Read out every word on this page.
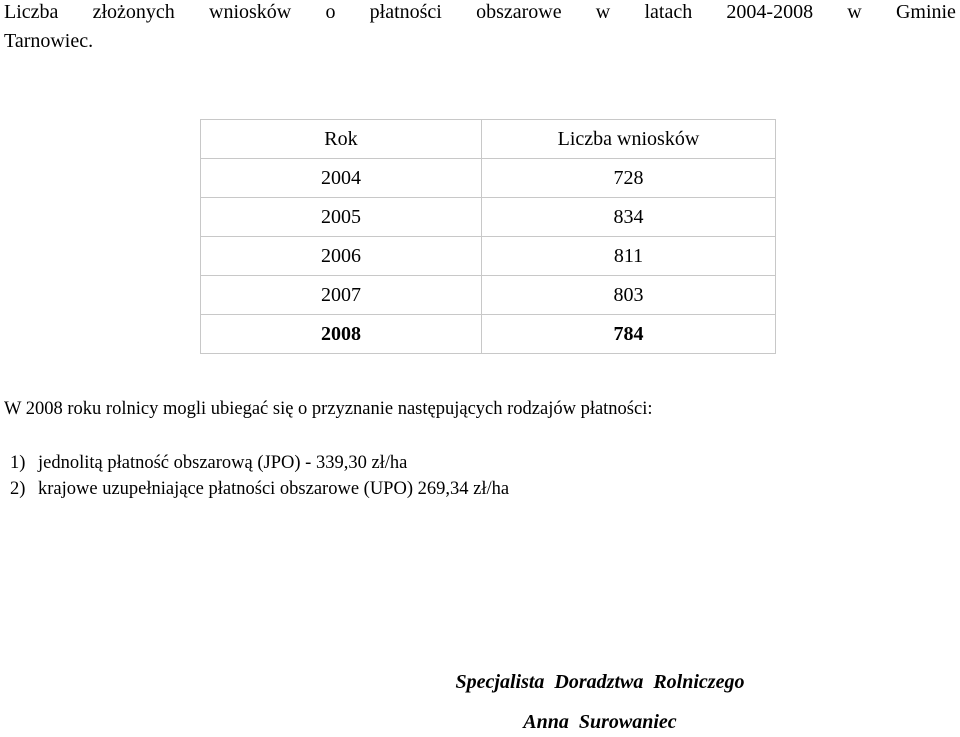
Liczba złożonych wniosków o płatności obszarowe w latach 2004-2008 w Gminie
Tarnowiec.
Rok	Liczba wniosków
2004	728
2005	834
2006	811
2007	803
2008	784
W 2008 roku rolnicy mogli ubiegać się o przyznanie następujących rodzajów płatności:
1) jednolitą płatność obszarową (JPO) - 339,30 zł/ha
2) krajowe uzupełniające płatności obszarowe (UPO) 269,34 zł/ha
Specjalista  Doradztwa  Rolniczego
Anna  Surowaniec
